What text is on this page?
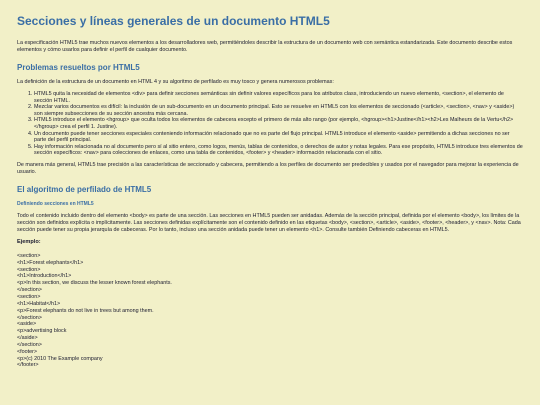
Secciones y líneas generales de un documento HTML5

La especificación HTML5 trae muchos nuevos elementos a los desarrolladores web, permitiéndoles describir la estructura de un documento web con semántica estandarizada. Este documento describe estos elementos y cómo usarlos para definir el perfil de cualquier documento.

Problemas resueltos por HTML5

La definición de la estructura de un documento en HTML 4 y su algoritmo de perfilado es muy tosco y genera numerosos problemas:

1. HTML5 quita la necesidad de elementos <div> para definir secciones semánticas sin definir valores específicos para los atributos class, introduciendo un nuevo elemento, <section>, el elemento de sección HTML.
2. Mezclar varios documentos es difícil: la inclusión de un sub-documento en un documento principal. Esto se resuelve en HTML5 con los elementos de seccionado (<article>, <section>, <nav> y <aside>) son siempre subsecciones de su sección ancestra más cercana.
3. HTML5 introduce el elemento <hgroup> que oculta todos los elementos de cabecera excepto el primero de más alto rango (por ejemplo, <hgroup><h1>Justine</h1><h2>Les Malheurs de la Vertu</h2></hgroup> crea el perfil 1. Justine).
4. Un documento puede tener secciones especiales conteniendo información relacionado que no es parte del flujo principal. HTML5 introduce el elemento <aside> permitiendo a dichas secciones no ser parte del perfil principal.
5. Hay información relacionada no al documento pero sí al sitio entero, como logos, menús, tablas de contenidos, o derechos de autor y notas legales. Para ese propósito, HTML5 introduce tres elementos de sección específicos: <nav> para colecciones de enlaces, como una tabla de contenidos, <footer> y <header> información relacionada con el sitio.

De manera más general, HTML5 trae precisión a las características de seccionado y cabecera, permitiendo a los perfiles de documento ser predecibles y usados por el navegador para mejorar la experiencia de usuario.

El algoritmo de perfilado de HTML5
Definiendo secciones en HTML5

Todo el contenido incluido dentro del elemento <body> es parte de una sección. Las secciones en HTML5 pueden ser anidadas. Además de la sección principal, definida por el elemento <body>, los límites de la sección son definidos explícita o implícitamente. Las secciones definidas explícitamente son el contenido definido en las etiquetas <body>, <section>, <article>, <aside>, <footer>, <header>, y <nav>. Nota: Cada sección puede tener su propia jerarquía de cabeceras. Por lo tanto, incluso una sección anidada puede tener un elemento <h1>. Consulte también Definiendo cabeceras en HTML5.

Ejemplo:
<section>
<h1>Forest elephants</h1>
<section>
<h1>Introduction</h1>
<p>In this section, we discuss the lesser known forest elephants.
</section>
<section>
<h1>Habitat</h1>
<p>Forest elephants do not live in trees but among them.
</section>
<aside>
<p>advertising block
</aside>
</section>
<footer>
<p>(c) 2010 The Example company
</footer>
